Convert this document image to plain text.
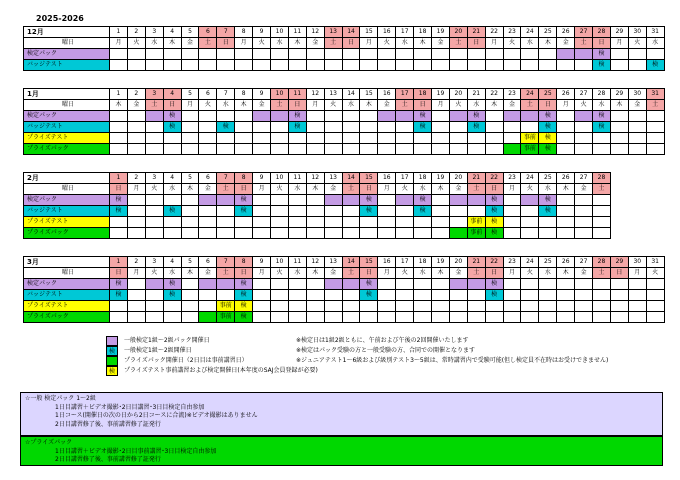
2025-2026
12月	1	2	3	4	5	6	7	8	9	10	11	12	13	14	15	16	17	18	19	20	21	22	23	24	25	26	27	28	29	30	31
曜日	月	火	水	木	金	土	日	月	火	水	木	金	土	日	月	火	水	木	金	土	日	月	火	水	木	金	土	日	月	火	水
検定パック																												検			
バッジテスト																												検			検
1月	1	2	3	4	5	6	7	8	9	10	11	12	13	14	15	16	17	18	19	20	21	22	23	24	25	26	27	28	29	30	31
曜日	木	金	土	日	月	火	水	木	金	土	日	月	火	水	木	金	土	日	月	火	水	木	金	土	日	月	火	水	木	金	土
検定パック				検							検							検			検				検			検			
バッジテスト				検			検				検							検			検				検			検			
プライズテスト																								事前	検						
プライズパック																								事前	検						
2月	1	2	3	4	5	6	7	8	9	10	11	12	13	14	15	16	17	18	19	20	21	22	23	24	25	26	27	28			
曜日	日	月	火	水	木	金	土	日	月	火	水	木	金	土	日	月	火	水	木	金	土	日	月	火	水	木	金	土			
検定パック	検							検							検			検				検			検						
バッジテスト	検			検				検							検			検				検			検						
プライズテスト																					事前	検									
プライズパック																					事前	検									
3月	1	2	3	4	5	6	7	8	9	10	11	12	13	14	15	16	17	18	19	20	21	22	23	24	25	26	27	28	29	30	31
曜日	日	月	火	水	木	金	土	日	月	火	水	木	金	土	日	月	火	水	木	金	土	日	月	火	水	木	金	土	日	月	火
検定パック	検			検				検							検							検									
バッジテスト	検			検				検							検							検									
プライズテスト							事前	検																							
プライズパック							事前	検																							
一般検定1級～2級パック開催日	※検定日は1級2級ともに、午前および午後の2回開催いたします
検	一般検定1級～2級開催日	※検定はパック受験の方と一般受験の方、合同での開催となります
プライズパック開催日（2日目は事前講習日）	※ジュニアテスト1～6級および級別テスト3～5級は、常時講習内で受験可能(但し検定員不在時はお受けできません)
検	プライズテスト事前講習および検定開催日(本年度のSAJ会員登録が必要)
☆一般 検定パック 1～2級
1日目講習＋ビデオ撮影･2日目講習･3日目検定自由参加
1日コース(開催日の次の日から2日コースに合流)※ビデオ撮影はありません
2日目講習修了後、事前講習修了証発行
☆プライズパック
1日目講習＋ビデオ撮影･2日目事前講習･3日目検定自由参加
2日目講習修了後、事前講習修了証発行
